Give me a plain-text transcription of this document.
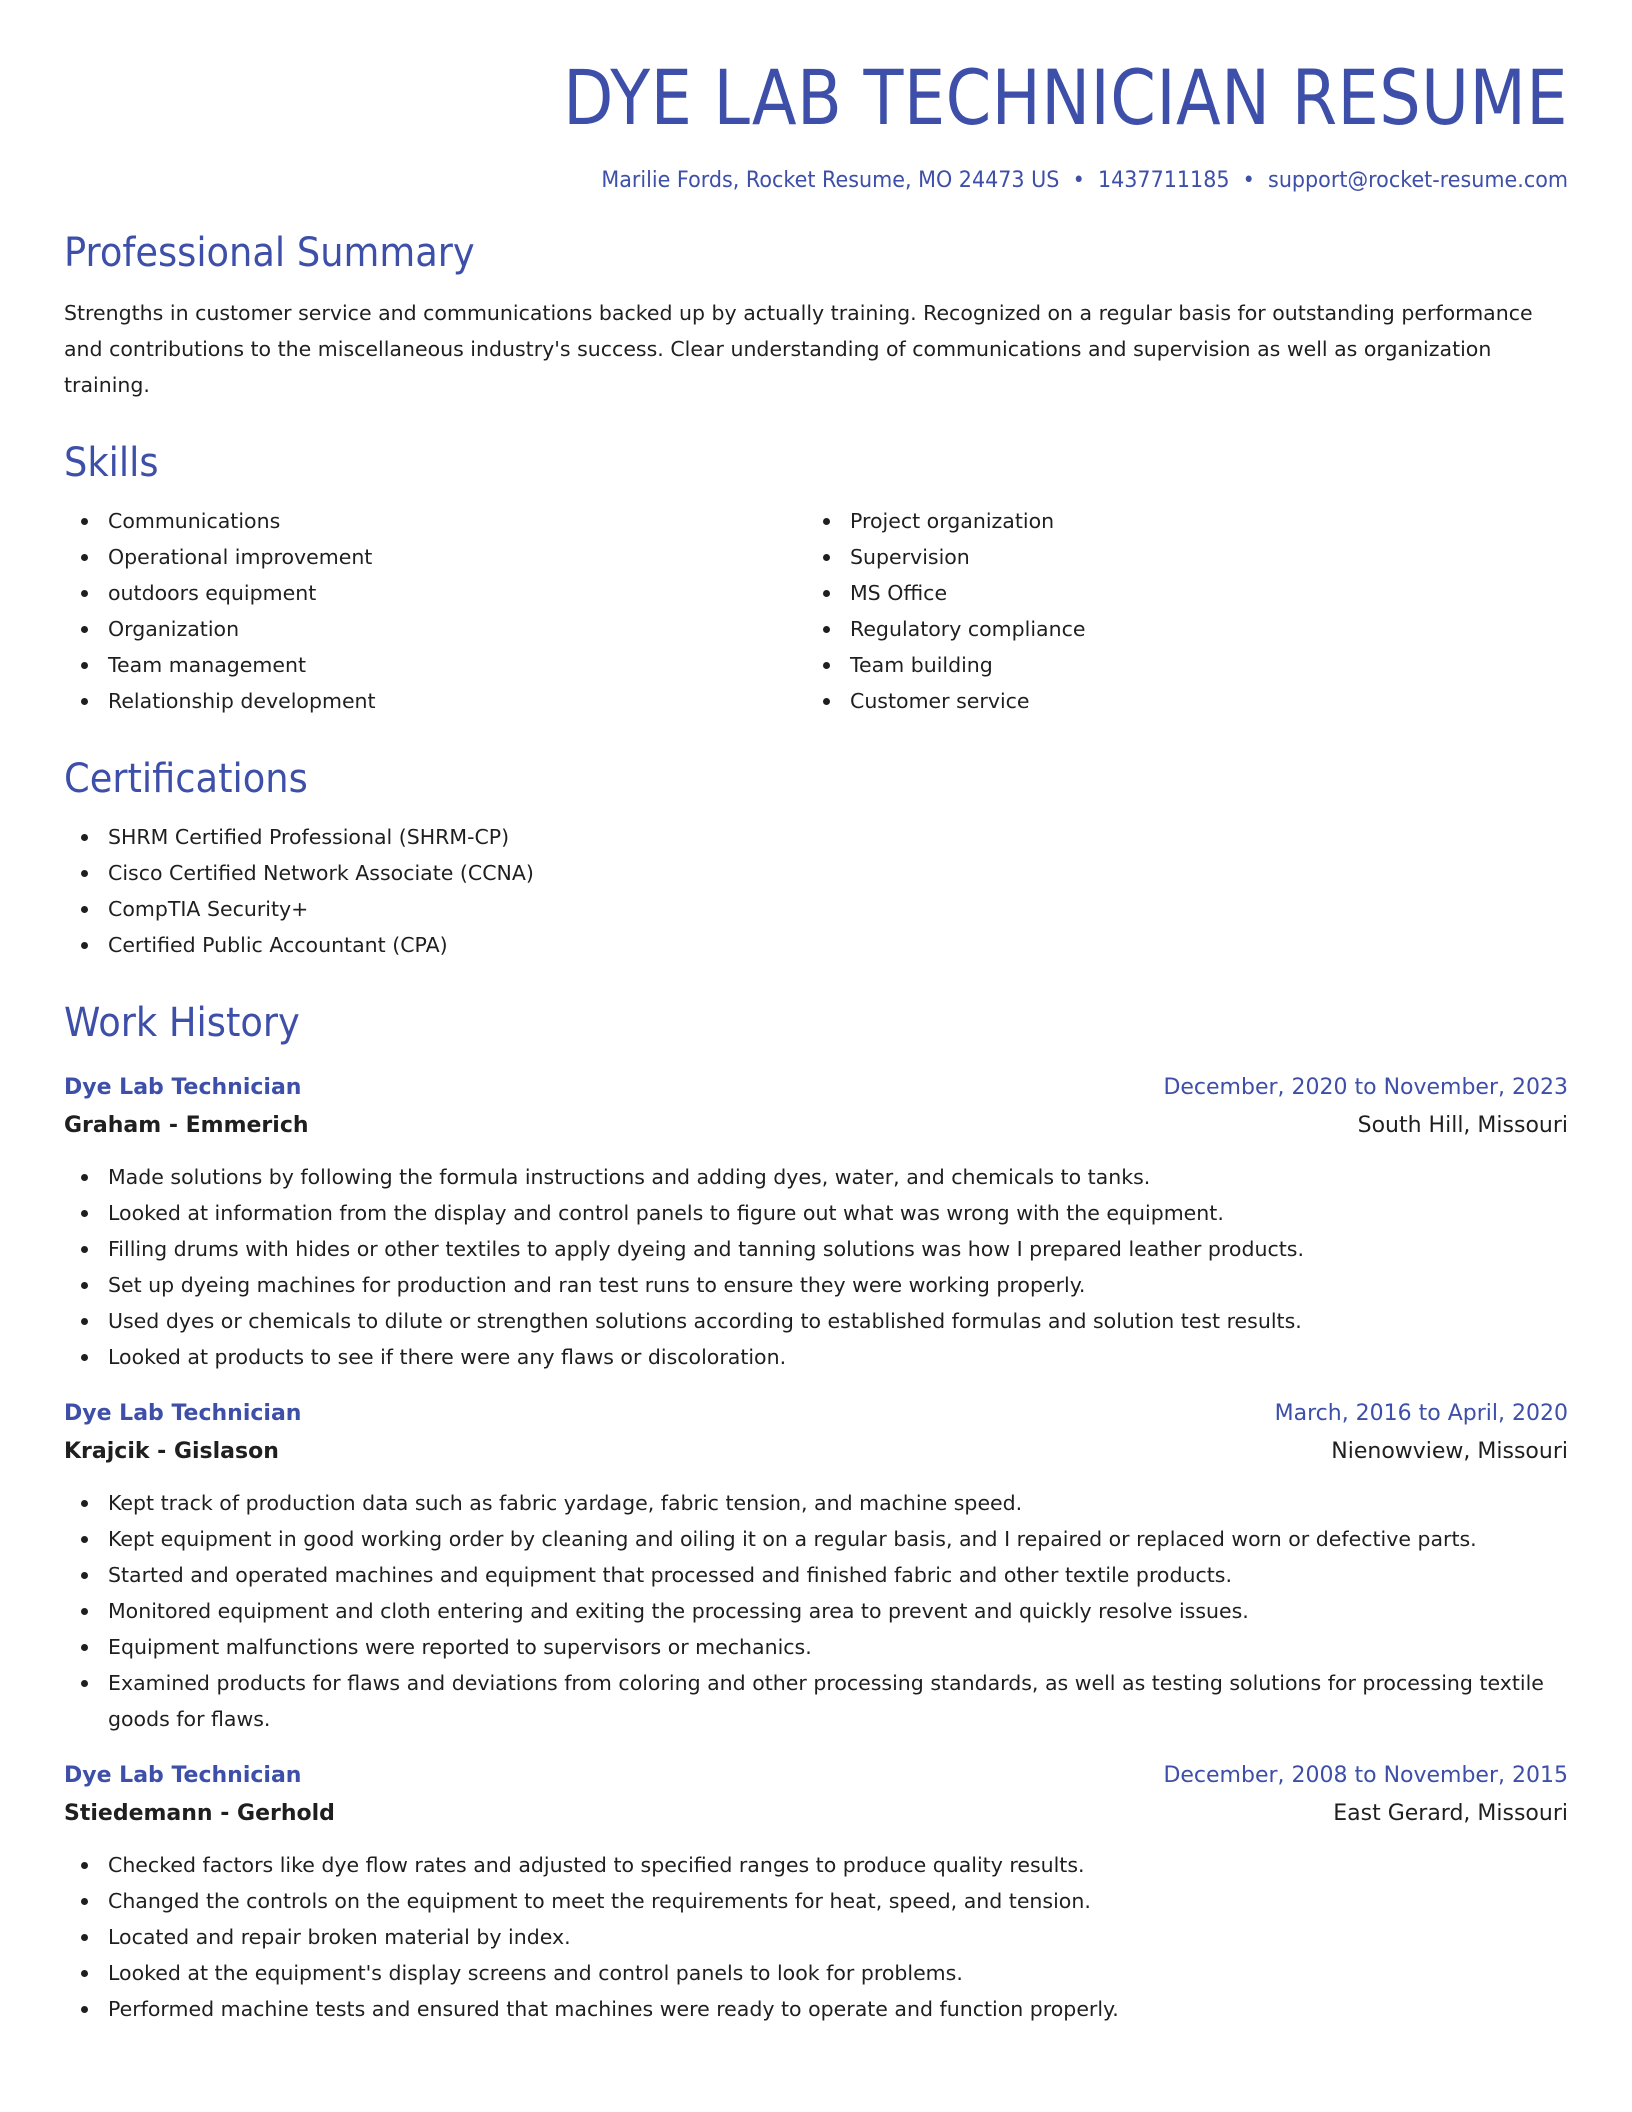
DYE LAB TECHNICIAN RESUME
Marilie Fords, Rocket Resume, MO 24473 US • 1437711185 • support@rocket-resume.com
Professional Summary
Strengths in customer service and communications backed up by actually training. Recognized on a regular basis for outstanding performance and contributions to the miscellaneous industry's success. Clear understanding of communications and supervision as well as organization training.
Skills
Communications
Operational improvement
outdoors equipment
Organization
Team management
Relationship development
Project organization
Supervision
MS Office
Regulatory compliance
Team building
Customer service
Certifications
SHRM Certified Professional (SHRM-CP)
Cisco Certified Network Associate (CCNA)
CompTIA Security+
Certified Public Accountant (CPA)
Work History
Dye Lab Technician	December, 2020 to November, 2023
Graham - Emmerich	South Hill, Missouri
Made solutions by following the formula instructions and adding dyes, water, and chemicals to tanks.
Looked at information from the display and control panels to figure out what was wrong with the equipment.
Filling drums with hides or other textiles to apply dyeing and tanning solutions was how I prepared leather products.
Set up dyeing machines for production and ran test runs to ensure they were working properly.
Used dyes or chemicals to dilute or strengthen solutions according to established formulas and solution test results.
Looked at products to see if there were any flaws or discoloration.
Dye Lab Technician	March, 2016 to April, 2020
Krajcik - Gislason	Nienowview, Missouri
Kept track of production data such as fabric yardage, fabric tension, and machine speed.
Kept equipment in good working order by cleaning and oiling it on a regular basis, and I repaired or replaced worn or defective parts.
Started and operated machines and equipment that processed and finished fabric and other textile products.
Monitored equipment and cloth entering and exiting the processing area to prevent and quickly resolve issues.
Equipment malfunctions were reported to supervisors or mechanics.
Examined products for flaws and deviations from coloring and other processing standards, as well as testing solutions for processing textile goods for flaws.
Dye Lab Technician	December, 2008 to November, 2015
Stiedemann - Gerhold	East Gerard, Missouri
Checked factors like dye flow rates and adjusted to specified ranges to produce quality results.
Changed the controls on the equipment to meet the requirements for heat, speed, and tension.
Located and repair broken material by index.
Looked at the equipment's display screens and control panels to look for problems.
Performed machine tests and ensured that machines were ready to operate and function properly.
